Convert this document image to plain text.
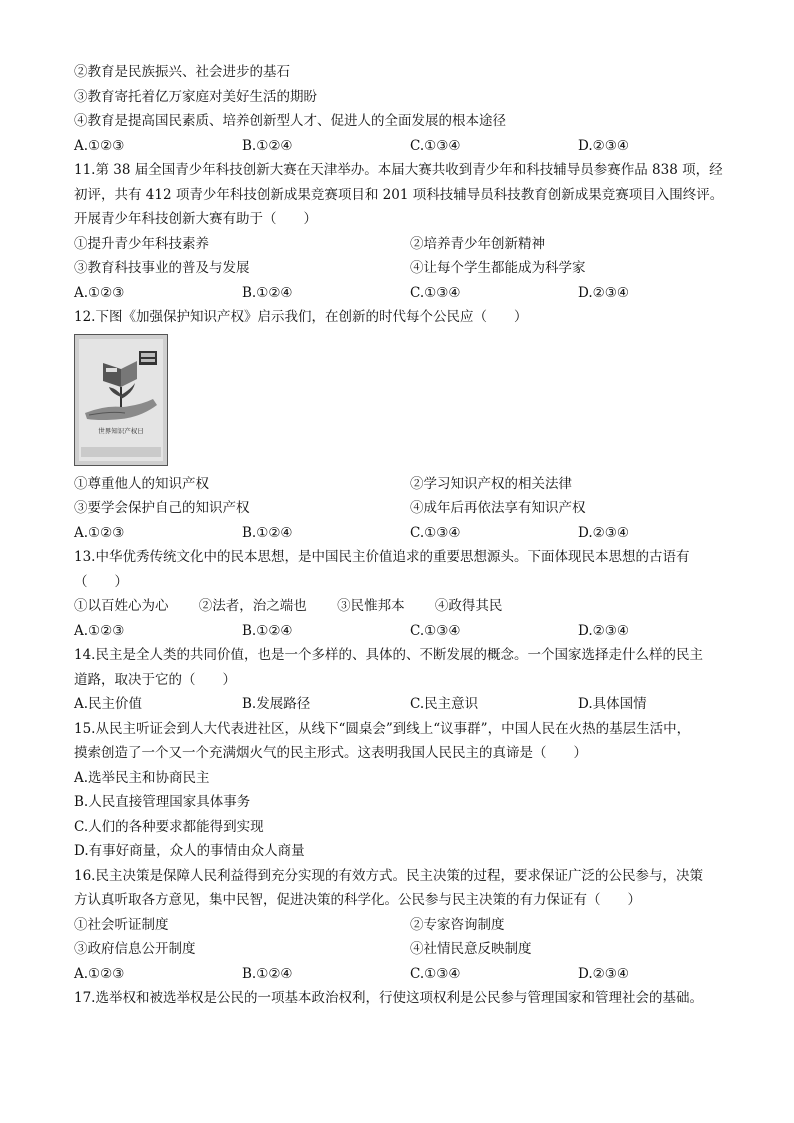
②教育是民族振兴、社会进步的基石
③教育寄托着亿万家庭对美好生活的期盼
④教育是提高国民素质、培养创新型人才、促进人的全面发展的根本途径
A.①②③	B.①②④	C.①③④	D.②③④
11.第 38 届全国青少年科技创新大赛在天津举办。本届大赛共收到青少年和科技辅导员参赛作品 838 项，经
初评，共有 412 项青少年科技创新成果竞赛项目和 201 项科技辅导员科技教育创新成果竞赛项目入围终评。
开展青少年科技创新大赛有助于（　　）
①提升青少年科技素养	②培养青少年创新精神
③教育科技事业的普及与发展	④让每个学生都能成为科学家
A.①②③	B.①②④	C.①③④	D.②③④
12.下图《加强保护知识产权》启示我们，在创新的时代每个公民应（　　）
世界知识产权日
①尊重他人的知识产权	②学习知识产权的相关法律
③要学会保护自己的知识产权	④成年后再依法享有知识产权
A.①②③	B.①②④	C.①③④	D.②③④
13.中华优秀传统文化中的民本思想，是中国民主价值追求的重要思想源头。下面体现民本思想的古语有
（　　）
①以百姓心为心 ②法者，治之端也 ③民惟邦本 ④政得其民
A.①②③	B.①②④	C.①③④	D.②③④
14.民主是全人类的共同价值，也是一个多样的、具体的、不断发展的概念。一个国家选择走什么样的民主
道路，取决于它的（　　）
A.民主价值	B.发展路径	C.民主意识	D.具体国情
15.从民主听证会到人大代表进社区，从线下“圆桌会”到线上“议事群”，中国人民在火热的基层生活中，
摸索创造了一个又一个充满烟火气的民主形式。这表明我国人民民主的真谛是（　　）
A.选举民主和协商民主
B.人民直接管理国家具体事务
C.人们的各种要求都能得到实现
D.有事好商量，众人的事情由众人商量
16.民主决策是保障人民利益得到充分实现的有效方式。民主决策的过程，要求保证广泛的公民参与，决策
方认真听取各方意见，集中民智，促进决策的科学化。公民参与民主决策的有力保证有（　　）
①社会听证制度	②专家咨询制度
③政府信息公开制度	④社情民意反映制度
A.①②③	B.①②④	C.①③④	D.②③④
17.选举权和被选举权是公民的一项基本政治权利，行使这项权利是公民参与管理国家和管理社会的基础。
